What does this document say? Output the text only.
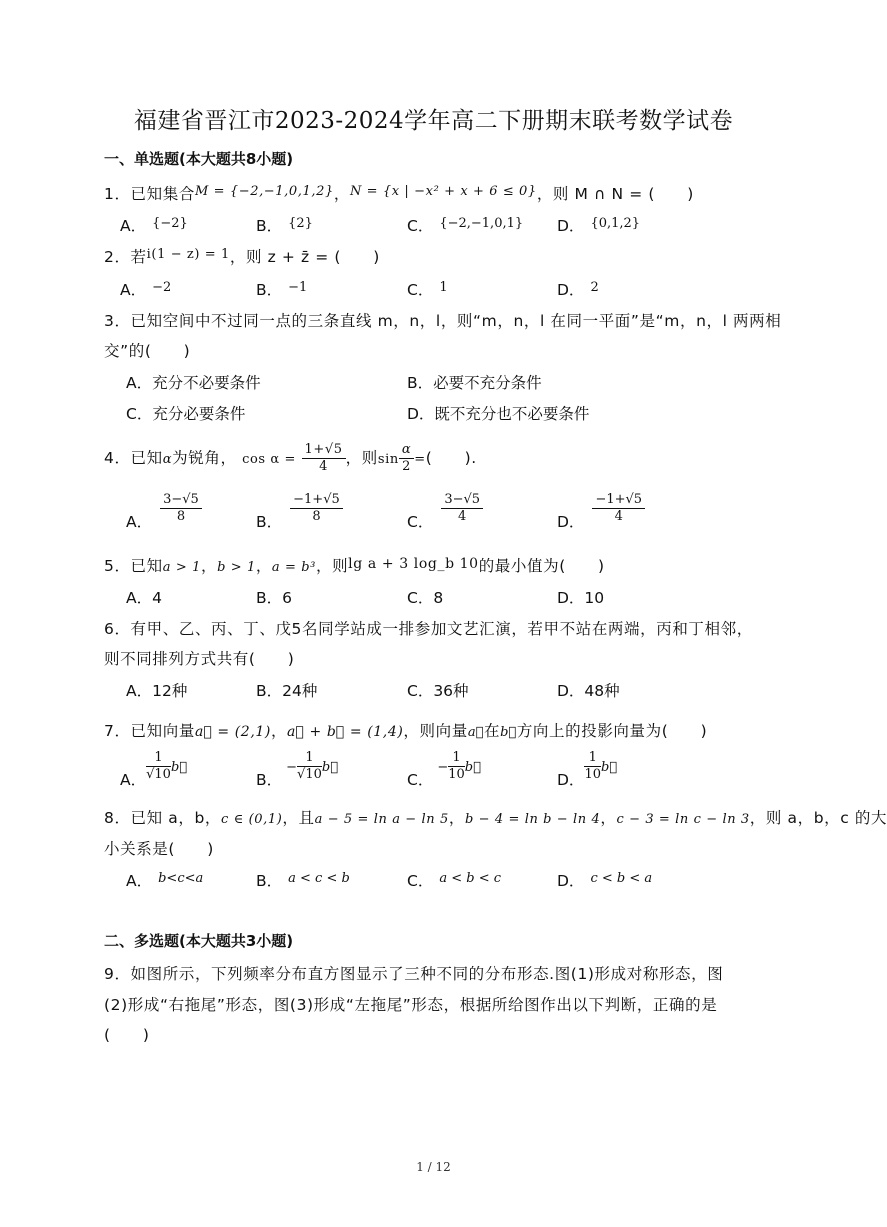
福建省晋江市2023-2024学年高二下册期末联考数学试卷
一、单选题(本大题共8小题)
1．已知集合$^{M = \{-2,-1,0,1,2\}}$，$^{N = \{x | -x^2 + x + 6 \le 0\}}$，则 M ∩ N = (　　)
A． $^{\{-2\}}$	B． $^{\{2\}}$	C． $^{\{-2,-1,0,1\}}$ D． $^{\{0,1,2\}}$
2．若$^{i(1 - z) = 1}$，则 z + z̄ = (　　)
A． $^{-2}$	B． $^{-1}$	C． $^1$	D． $^2$
3．已知空间中不过同一点的三条直线 m，n，l，则“m，n，l 在同一平面”是“m，n，l 两两相
交”的(　　)
A．充分不必要条件	B．必要不充分条件
C．充分必要条件	D．既不充分也不必要条件
4．已知α为锐角， $\cos \alpha = \frac{1+√5}{4}$ ，则$\sin \frac{\alpha}{2}$ =(　　).
A． $\frac{3-√5}{8}$	B． $\frac{-1+√5}{8}$	C． $\frac{3-√5}{4}$	D． $\frac{-1+√5}{4}$
5．已知a > 1，b > 1，a = b³，则lg a + 3 log_b 10的最小值为(　　)
A．4	B．6	C．8	D．10
6．有甲、乙、丙、丁、戊5名同学站成一排参加文艺汇演，若甲不站在两端，丙和丁相邻，
则不同排列方式共有(　　)
A．12种	B．24种	C．36种	D．48种
7．已知向量a⃗ = (2,1)，a⃗ + b⃗ = (1,4)，则向量a⃗在b⃗方向上的投影向量为(　　)
A． $\frac{1}{√10}$ b⃗
B．− $\frac{1}{√10}$ b⃗
C．− $\frac{1}{10}$ b⃗
D． $\frac{1}{10}$ b⃗
8．已知 a，b，c ∈ (0,1)，且a − 5 = ln a − ln 5，b − 4 = ln b − ln 4，c − 3 = ln c − ln 3，则 a，b，c 的大
小关系是(　　)
A． $^{b<c<a}$	B． $^{a < c < b}$	C． $^{a < b < c}$	D． $^{c < b < a}$
二、多选题(本大题共3小题)
9．如图所示，下列频率分布直方图显示了三种不同的分布形态.图(1)形成对称形态，图
(2)形成“右拖尾”形态，图(3)形成“左拖尾”形态，根据所给图作出以下判断，正确的是
(　　)
1 / 12
